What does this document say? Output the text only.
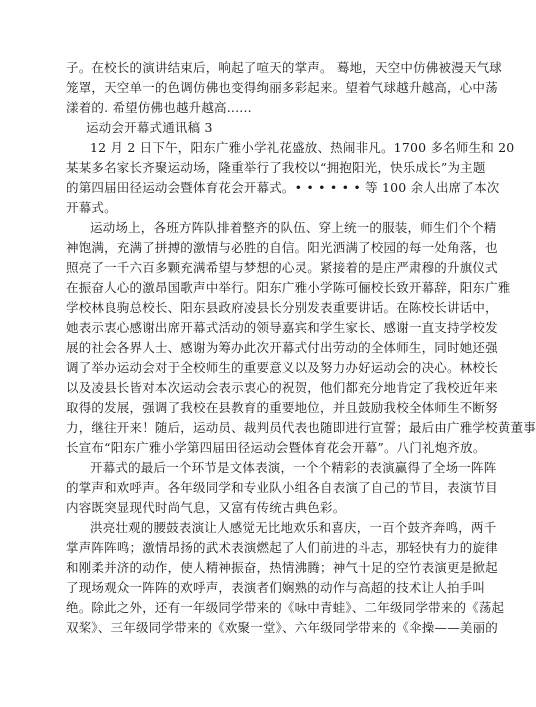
子。在校长的演讲结束后，响起了喧天的掌声。 蓦地，天空中仿佛被漫天气球
笼罩，天空单一的色调仿佛也变得绚丽多彩起来。望着气球越升越高，心中荡
漾着的. 希望仿佛也越升越高......
运动会开幕式通讯稿 3
12 月 2 日下午，阳东广雅小学礼花盛放、热闹非凡。1700 多名师生和 20
某某多名家长齐聚运动场，隆重举行了我校以“拥抱阳光，快乐成长”为主题
的第四届田径运动会暨体育花会开幕式。• • • • • • 等 100 余人出席了本次
开幕式。
运动场上，各班方阵队排着整齐的队伍、穿上统一的服装，师生们个个精
神饱满，充满了拼搏的激情与必胜的自信。阳光洒满了校园的每一处角落，也
照亮了一千六百多颗充满希望与梦想的心灵。紧接着的是庄严肃穆的升旗仪式
在振奋人心的激昂国歌声中举行。阳东广雅小学陈可俪校长致开幕辞，阳东广雅
学校林良驹总校长、阳东县政府凌县长分别发表重要讲话。在陈校长讲话中，
她表示衷心感谢出席开幕式活动的领导嘉宾和学生家长、感谢一直支持学校发
展的社会各界人士、感谢为筹办此次开幕式付出劳动的全体师生，同时她还强
调了举办运动会对于全校师生的重要意义以及努力办好运动会的决心。林校长
以及凌县长皆对本次运动会表示衷心的祝贺，他们都充分地肯定了我校近年来
取得的发展，强调了我校在县教育的重要地位，并且鼓励我校全体师生不断努
力，继往开来！随后，运动员、裁判员代表也随即进行宣誓；最后由广雅学校黄董事
长宣布“阳东广雅小学第四届田径运动会暨体育花会开幕”。八门礼炮齐放。
开幕式的最后一个环节是文体表演，一个个精彩的表演赢得了全场一阵阵
的掌声和欢呼声。各年级同学和专业队小组各自表演了自己的节目，表演节目
内容既突显现代时尚气息，又富有传统古典色彩。
洪亮壮观的腰鼓表演让人感觉无比地欢乐和喜庆，一百个鼓齐奔鸣，两千
掌声阵阵鸣；激情昂扬的武术表演燃起了人们前进的斗志，那轻快有力的旋律
和刚柔并济的动作，使人精神振奋，热情沸腾；神气十足的空竹表演更是掀起
了现场观众一阵阵的欢呼声，表演者们娴熟的动作与高超的技术让人拍手叫
绝。除此之外，还有一年级同学带来的《咏中青蛙》、二年级同学带来的《荡起
双桨》、三年级同学带来的《欢聚一堂》、六年级同学带来的《伞操——美丽的
